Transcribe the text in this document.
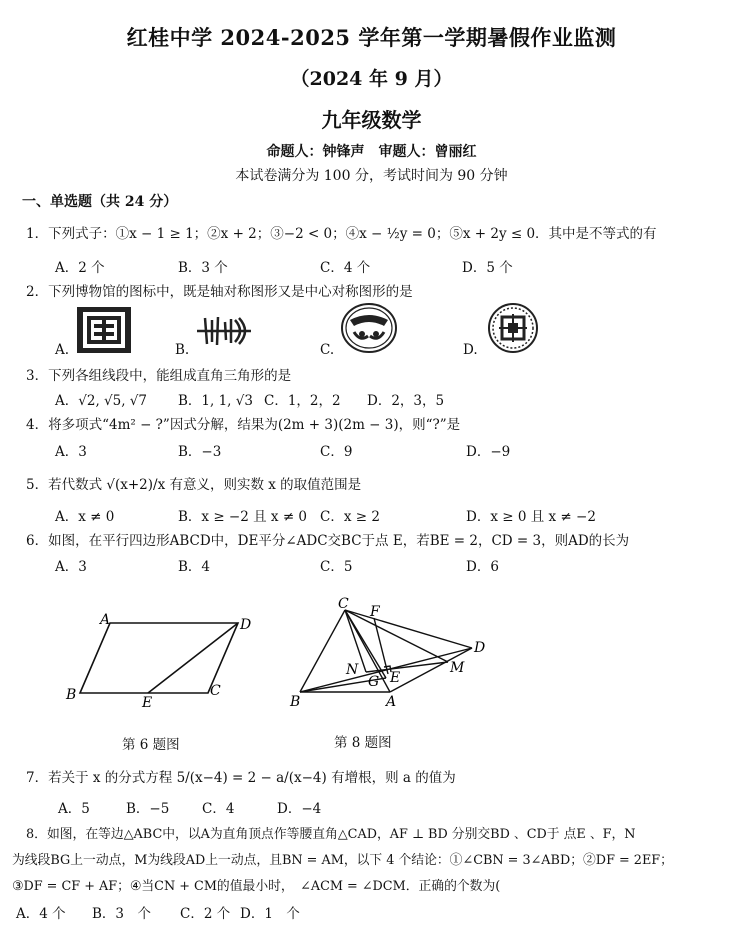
红桂中学 2024-2025 学年第一学期暑假作业监测
（2024 年 9 月）
九年级数学
命题人：钟锋声　审题人：曾丽红
本试卷满分为 100 分，考试时间为 90 分钟
一、单选题（共 24 分）
1．下列式子：①x − 1 ≥ 1；②x + 2；③−2 < 0；④x − ½y = 0；⑤x + 2y ≤ 0．其中是不等式的有
A．2 个	B．3 个	C．4 个	D．5 个
2．下列博物馆的图标中，既是轴对称图形又是中心对称图形的是
A.	B.	C.	D.
3．下列各组线段中，能组成直角三角形的是
A．√2, √5, √7 B．1, 1, √3 C．1，2，2 D．2，3，5
4．将多项式“4m² − ?”因式分解，结果为(2m + 3)(2m − 3)，则“?”是
A．3	B．−3	C．9	D．−9
5．若代数式 √(x+2)/x 有意义，则实数 x 的取值范围是
A．x ≠ 0	B．x ≥ −2 且 x ≠ 0 C．x ≥ 2	D．x ≥ 0 且 x ≠ −2
6．如图，在平行四边形ABCD中，DE平分∠ADC交BC于点 E，若BE = 2，CD = 3，则AD的长为
A．3	B．4	C．5	D．6
A	D
B	C
E
第 6 题图
C F
D
M
N
G E
B	A
第 8 题图
7．若关于 x 的分式方程 5/(x−4) = 2 − a/(x−4) 有增根，则 a 的值为
A．5	B．−5 C．4	D．−4
8．如图，在等边△ABC中，以A为直角顶点作等腰直角△CAD，AF ⊥ BD 分别交BD 、CD于 点E 、F，N
为线段BG上一动点，M为线段AD上一动点，且BN = AM，以下 4 个结论：①∠CBN = 3∠ABD；②DF = 2EF；
③DF = CF + AF；④当CN + CM的值最小时，　∠ACM = ∠DCM．正确的个数为(
A．4 个 B．3　个 C．2 个 D．1　个
